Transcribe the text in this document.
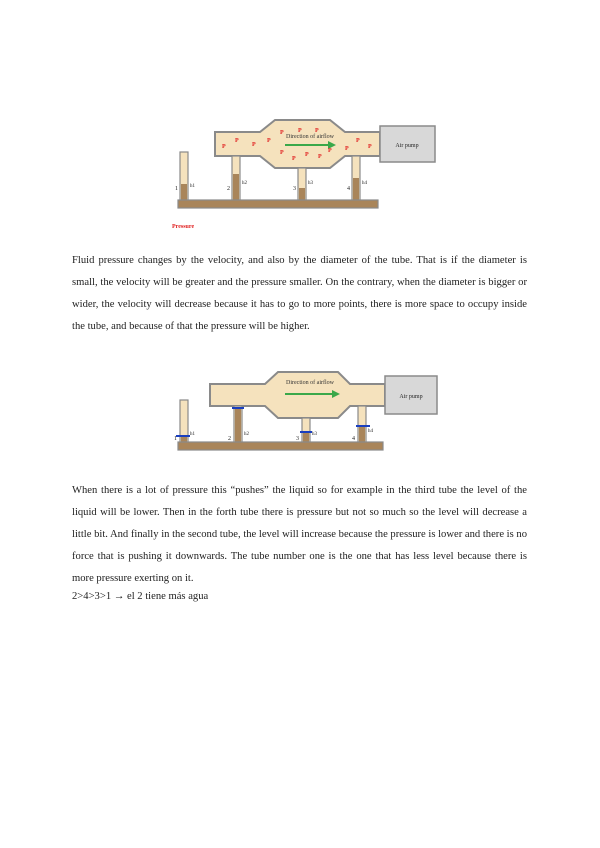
Air pump
1	2	3	4
h1
h2	h3	h4
Direction of airflow
P
P
P
P
P P P
P
P
P P
P P
P
P
Pressure

Fluid pressure changes by the velocity, and also by the diameter of the tube. That is if the diameter is small, the velocity will be greater and the pressure smaller. On the contrary, when the diameter is bigger or wider, the velocity will decrease because it has to go to more points, there is more space to occupy inside the tube, and because of that the pressure will be higher.

Air pump
1	2	3	4
h1	h2	h3
h4
Direction of airflow

When there is a lot of pressure this “pushes” the liquid so for example in the third tube the level of the liquid will be lower. Then in the forth tube there is pressure but not so much so the level will decrease a little bit. And finally in the second tube, the level will increase because the pressure is lower and there is no force that is pushing it downwards. The tube number one is the one that has less level because there is more pressure exerting on it.

2>4>3>1 → el 2 tiene más agua
